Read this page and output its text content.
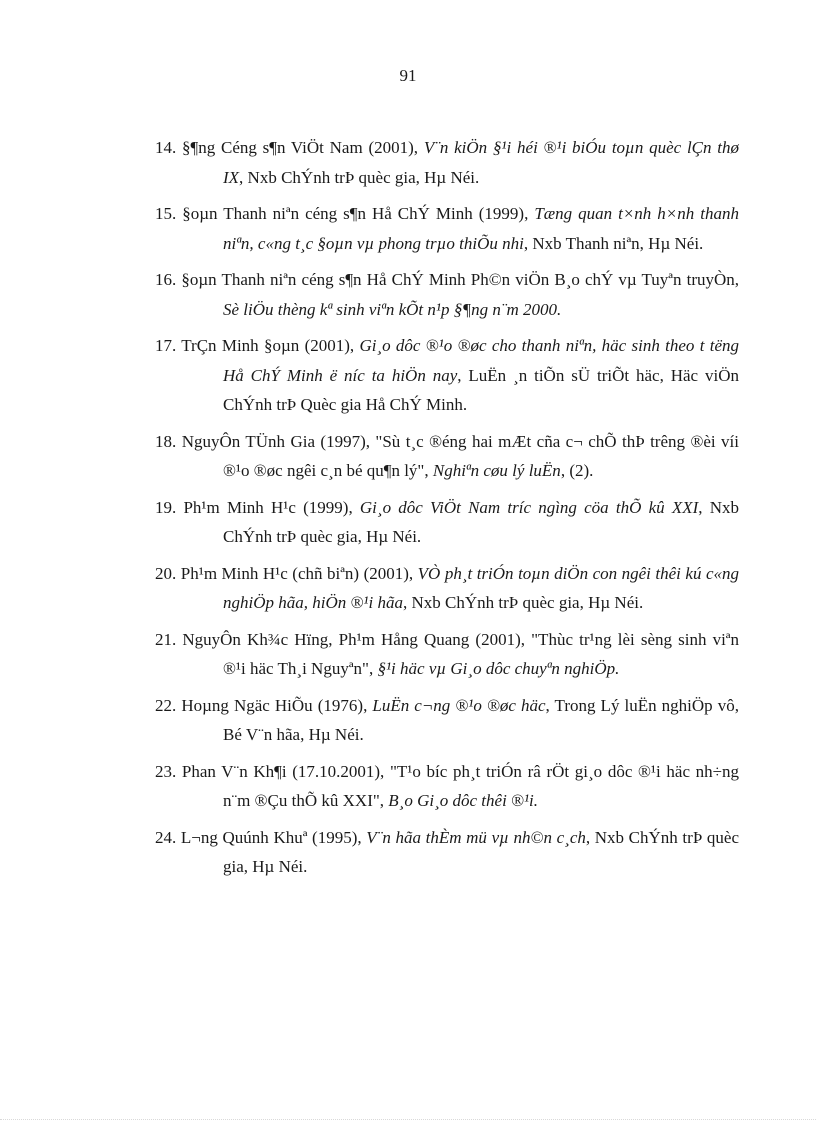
91
14. §¶ng Céng s¶n ViÖt Nam (2001), V¨n kiÖn §¹i héi ®¹i biÓu toµn quèc lÇn thø IX, Nxb ChÝnh trÞ quèc gia, Hµ Néi.
15. §oµn Thanh niªn céng s¶n Hå ChÝ Minh (1999), Tæng quan t×nh h×nh thanh niªn, c«ng t¸c §oµn vµ phong trµo thiÕu nhi, Nxb Thanh niªn, Hµ Néi.
16. §oµn Thanh niªn céng s¶n Hå ChÝ Minh Ph©n viÖn B¸o chÝ vµ Tuyªn truyÒn, Sè liÖu thèng kª sinh viªn kÕt n¹p §¶ng n¨m 2000.
17. TrÇn Minh §oµn (2001), Gi¸o dôc ®¹o ®øc cho thanh niªn, häc sinh theo t tëng Hå ChÝ Minh ë níc ta hiÖn nay, LuËn ¸n tiÕn sÜ triÕt häc, Häc viÖn ChÝnh trÞ Quèc gia Hå ChÝ Minh.
18. NguyÔn TÜnh Gia (1997), "Sù t¸c ®éng hai mÆt cña c¬ chÕ thÞ trêng ®èi víi ®¹o ®øc ngêi c¸n bé qu¶n lý", Nghiªn cøu lý luËn, (2).
19. Ph¹m Minh H¹c (1999), Gi¸o dôc ViÖt Nam tríc ngìng cöa thÕ kû XXI, Nxb ChÝnh trÞ quèc gia, Hµ Néi.
20. Ph¹m Minh H¹c (chñ biªn) (2001), VÒ ph¸t triÓn toµn diÖn con ngêi thêi kú c«ng nghiÖp hãa, hiÖn ®¹i hãa, Nxb ChÝnh trÞ quèc gia, Hµ Néi.
21. NguyÔn Kh¾c Hïng, Ph¹m Hång Quang (2001), "Thùc tr¹ng lèi sèng sinh viªn ®¹i häc Th¸i Nguyªn", §¹i häc vµ Gi¸o dôc chuyªn nghiÖp.
22. Hoµng Ngäc HiÕu (1976), LuËn c¬ng ®¹o ®øc häc, Trong Lý luËn nghiÖp vô, Bé V¨n hãa, Hµ Néi.
23. Phan V¨n Kh¶i (17.10.2001), "T¹o bíc ph¸t triÓn râ rÖt gi¸o dôc ®¹i häc nh÷ng n¨m ®Çu thÕ kû XXI", B¸o Gi¸o dôc thêi ®¹i.
24. L¬ng Quúnh Khuª (1995), V¨n hãa thÈm mü vµ nh©n c¸ch, Nxb ChÝnh trÞ quèc gia, Hµ Néi.
